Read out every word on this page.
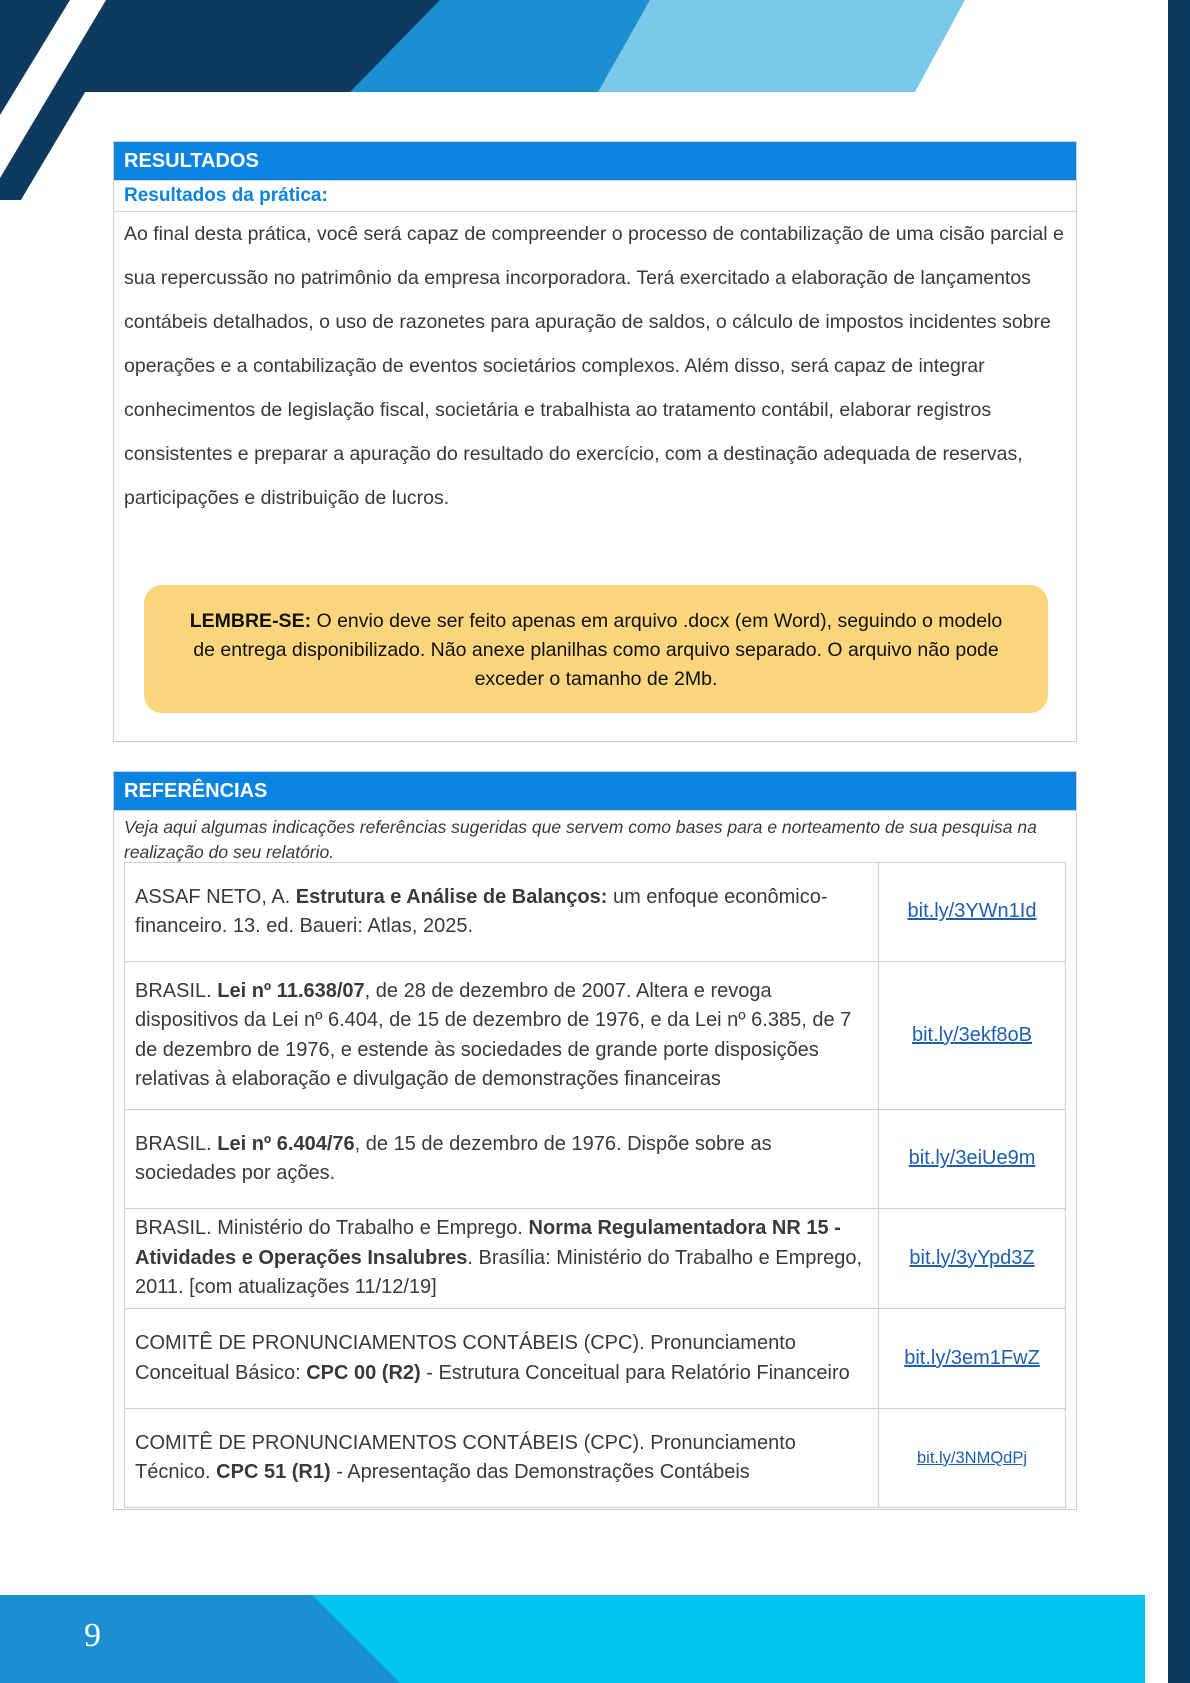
RESULTADOS
Resultados da prática:
Ao final desta prática, você será capaz de compreender o processo de contabilização de uma cisão parcial e sua repercussão no patrimônio da empresa incorporadora. Terá exercitado a elaboração de lançamentos contábeis detalhados, o uso de razonetes para apuração de saldos, o cálculo de impostos incidentes sobre operações e a contabilização de eventos societários complexos. Além disso, será capaz de integrar conhecimentos de legislação fiscal, societária e trabalhista ao tratamento contábil, elaborar registros consistentes e preparar a apuração do resultado do exercício, com a destinação adequada de reservas, participações e distribuição de lucros.
LEMBRE-SE: O envio deve ser feito apenas em arquivo .docx (em Word), seguindo o modelo de entrega disponibilizado. Não anexe planilhas como arquivo separado. O arquivo não pode exceder o tamanho de 2Mb.
REFERÊNCIAS
Veja aqui algumas indicações referências sugeridas que servem como bases para e norteamento de sua pesquisa na realização do seu relatório.
ASSAF NETO, A. Estrutura e Análise de Balanços: um enfoque econômico-financeiro. 13. ed. Baueri: Atlas, 2025.	bit.ly/3YWn1Id
BRASIL. Lei nº 11.638/07, de 28 de dezembro de 2007. Altera e revoga dispositivos da Lei nº 6.404, de 15 de dezembro de 1976, e da Lei nº 6.385, de 7 de dezembro de 1976, e estende às sociedades de grande porte disposições relativas à elaboração e divulgação de demonstrações financeiras	bit.ly/3ekf8oB
BRASIL. Lei nº 6.404/76, de 15 de dezembro de 1976. Dispõe sobre as sociedades por ações.	bit.ly/3eiUe9m
BRASIL. Ministério do Trabalho e Emprego. Norma Regulamentadora NR 15 - Atividades e Operações Insalubres. Brasília: Ministério do Trabalho e Emprego, 2011. [com atualizações 11/12/19]	bit.ly/3yYpd3Z
COMITÊ DE PRONUNCIAMENTOS CONTÁBEIS (CPC). Pronunciamento Conceitual Básico: CPC 00 (R2) - Estrutura Conceitual para Relatório Financeiro	bit.ly/3em1FwZ
COMITÊ DE PRONUNCIAMENTOS CONTÁBEIS (CPC). Pronunciamento Técnico. CPC 51 (R1) - Apresentação das Demonstrações Contábeis	bit.ly/3NMQdPj
9
